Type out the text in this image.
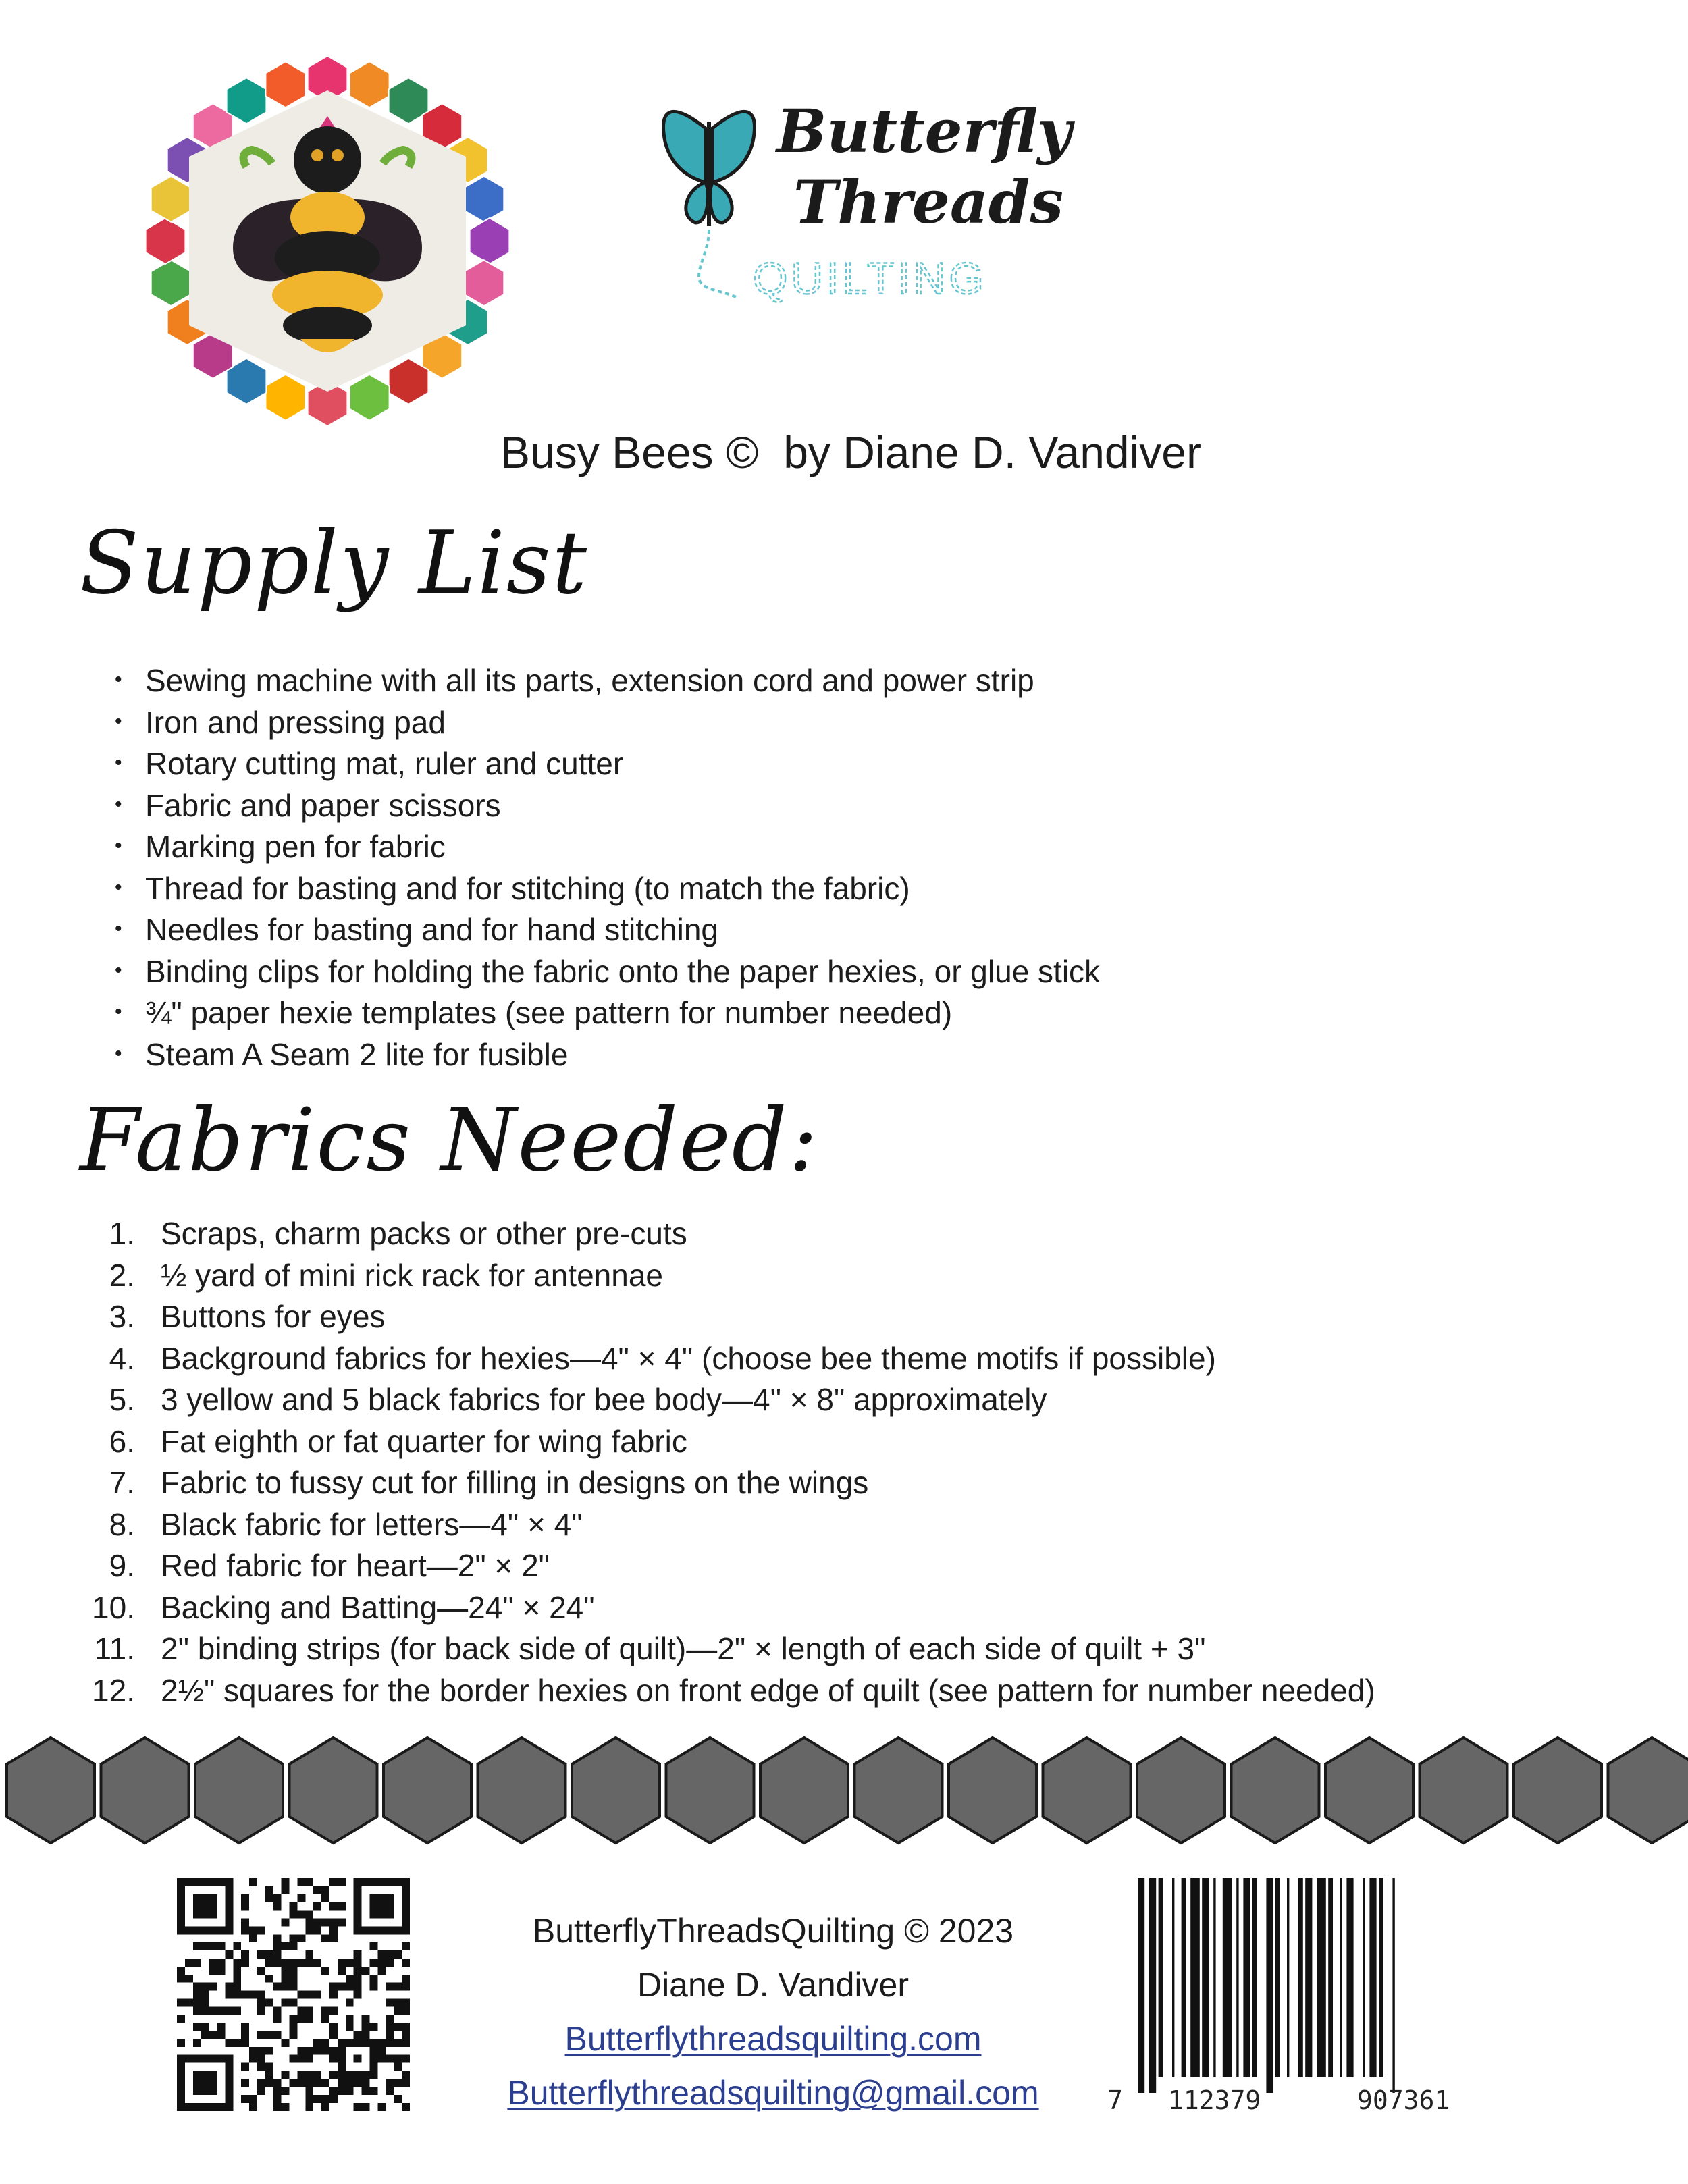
Butterfly
Threads
QUILTING
Busy Bees © by Diane D. Vandiver
Supply List
• Sewing machine with all its parts, extension cord and power strip
• Iron and pressing pad
• Rotary cutting mat, ruler and cutter
• Fabric and paper scissors
• Marking pen for fabric
• Thread for basting and for stitching (to match the fabric)
• Needles for basting and for hand stitching
• Binding clips for holding the fabric onto the paper hexies, or glue stick
• ¾" paper hexie templates (see pattern for number needed)
• Steam A Seam 2 lite for fusible
Fabrics Needed:
1. Scraps, charm packs or other pre-cuts
2. ½ yard of mini rick rack for antennae
3. Buttons for eyes
4. Background fabrics for hexies—4" × 4" (choose bee theme motifs if possible)
5. 3 yellow and 5 black fabrics for bee body—4" × 8" approximately
6. Fat eighth or fat quarter for wing fabric
7. Fabric to fussy cut for filling in designs on the wings
8. Black fabric for letters—4" × 4"
9. Red fabric for heart—2" × 2"
10. Backing and Batting—24" × 24"
11. 2" binding strips (for back side of quilt)—2" × length of each side of quilt + 3"
12. 2½" squares for the border hexies on front edge of quilt (see pattern for number needed)
ButterflyThreadsQuilting © 2023
Diane D. Vandiver
Butterflythreadsquilting.com
Butterflythreadsquilting@gmail.com	7 112379	907361
